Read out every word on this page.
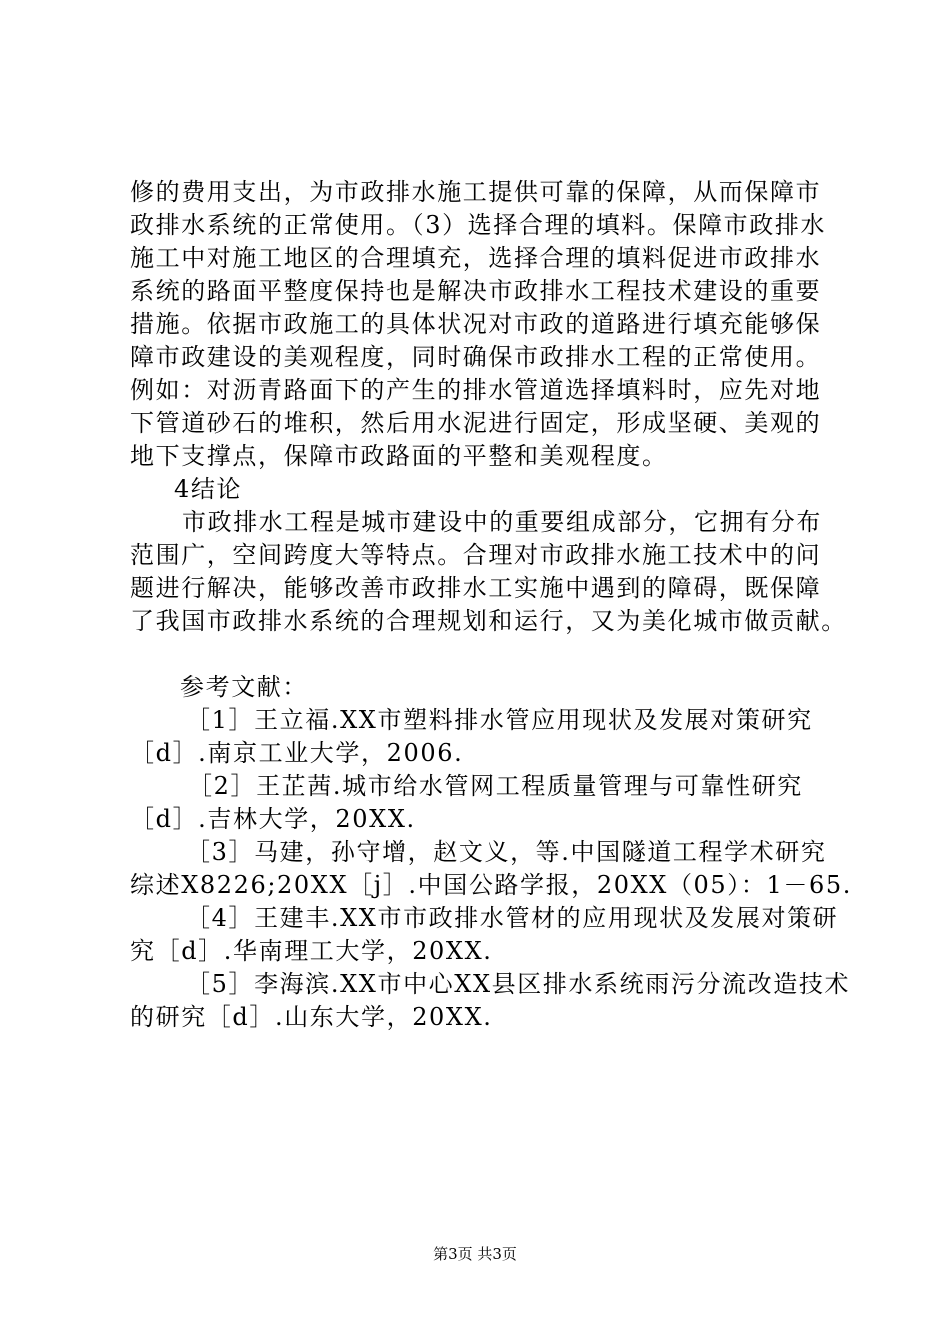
修的费用支出，为市政排水施工提供可靠的保障，从而保障市
政排水系统的正常使用。（3）选择合理的填料。保障市政排水
施工中对施工地区的合理填充，选择合理的填料促进市政排水
系统的路面平整度保持也是解决市政排水工程技术建设的重要
措施。依据市政施工的具体状况对市政的道路进行填充能够保
障市政建设的美观程度，同时确保市政排水工程的正常使用。
例如：对沥青路面下的产生的排水管道选择填料时，应先对地
下管道砂石的堆积，然后用水泥进行固定，形成坚硬、美观的
地下支撑点，保障市政路面的平整和美观程度。
4结论
市政排水工程是城市建设中的重要组成部分，它拥有分布
范围广，空间跨度大等特点。合理对市政排水施工技术中的问
题进行解决，能够改善市政排水工实施中遇到的障碍，既保障
了我国市政排水系统的合理规划和运行，又为美化城市做贡献。
参考文献：
［1］王立福.XX市塑料排水管应用现状及发展对策研究
［d］.南京工业大学，2006.
［2］王芷茜.城市给水管网工程质量管理与可靠性研究
［d］.吉林大学，20XX.
［3］马建，孙守增，赵文义，等.中国隧道工程学术研究
综述X8226;20XX［j］.中国公路学报，20XX（05）：1－65.
［4］王建丰.XX市市政排水管材的应用现状及发展对策研
究［d］.华南理工大学，20XX.
［5］李海滨.XX市中心XX县区排水系统雨污分流改造技术
的研究［d］.山东大学，20XX.
第3页 共3页
